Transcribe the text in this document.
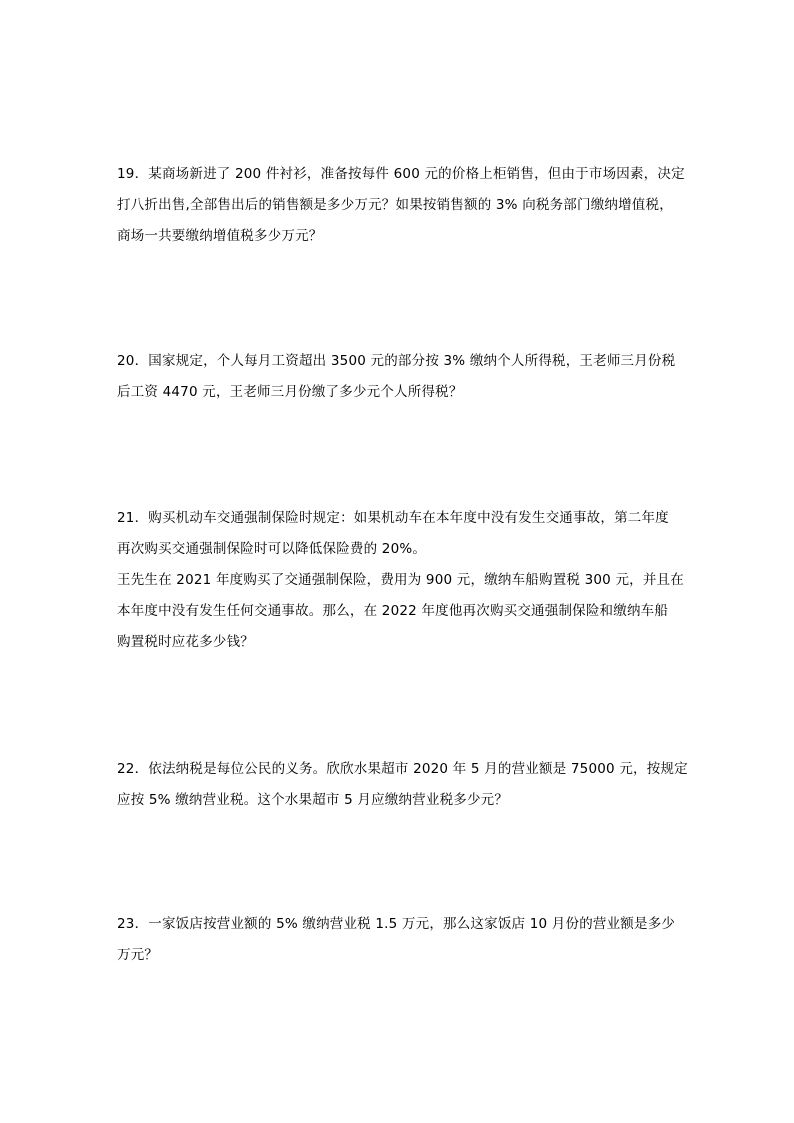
19．某商场新进了 200 件衬衫，准备按每件 600 元的价格上柜销售，但由于市场因素，决定
打八折出售,全部售出后的销售额是多少万元？如果按销售额的 3% 向税务部门缴纳增值税，
商场一共要缴纳增值税多少万元？
20．国家规定，个人每月工资超出 3500 元的部分按 3% 缴纳个人所得税，王老师三月份税
后工资 4470 元，王老师三月份缴了多少元个人所得税？
21．购买机动车交通强制保险时规定：如果机动车在本年度中没有发生交通事故，第二年度
再次购买交通强制保险时可以降低保险费的 20%。
王先生在 2021 年度购买了交通强制保险，费用为 900 元，缴纳车船购置税 300 元，并且在
本年度中没有发生任何交通事故。那么，在 2022 年度他再次购买交通强制保险和缴纳车船
购置税时应花多少钱？
22．依法纳税是每位公民的义务。欣欣水果超市 2020 年 5 月的营业额是 75000 元，按规定
应按 5% 缴纳营业税。这个水果超市 5 月应缴纳营业税多少元？
23．一家饭店按营业额的 5% 缴纳营业税 1.5 万元，那么这家饭店 10 月份的营业额是多少
万元？
